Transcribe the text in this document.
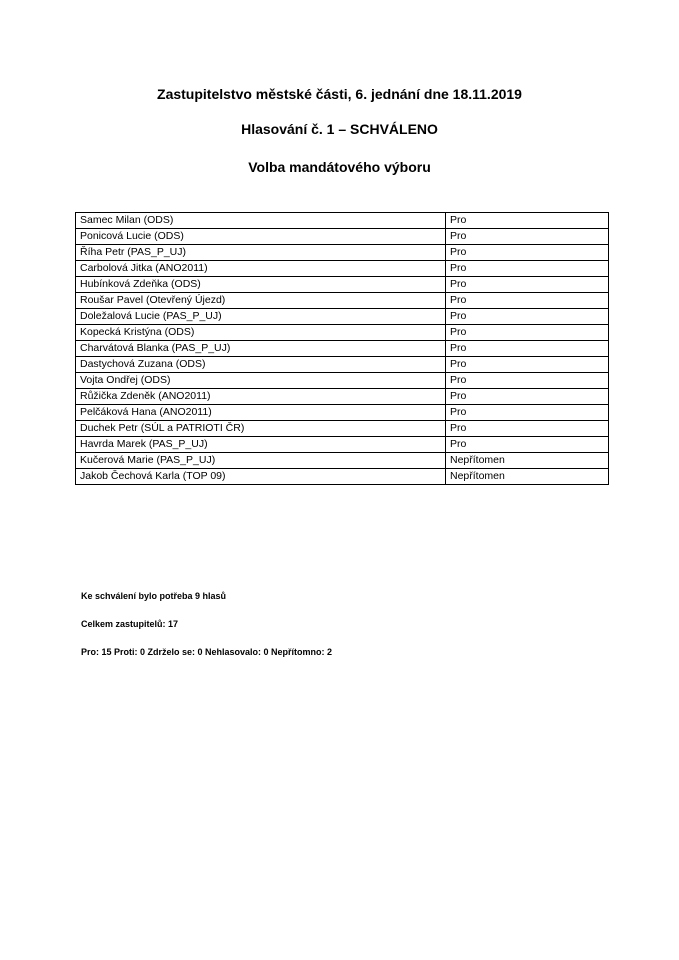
Zastupitelstvo městské části, 6. jednání dne 18.11.2019
Hlasování č. 1 – SCHVÁLENO
Volba mandátového výboru
Samec Milan (ODS)	Pro
Ponicová Lucie (ODS)	Pro
Říha Petr (PAS_P_UJ)	Pro
Carbolová Jitka (ANO2011)	Pro
Hubínková Zdeňka (ODS)	Pro
Roušar Pavel (Otevřený Újezd)	Pro
Doležalová Lucie (PAS_P_UJ)	Pro
Kopecká Kristýna (ODS)	Pro
Charvátová Blanka (PAS_P_UJ)	Pro
Dastychová Zuzana (ODS)	Pro
Vojta Ondřej (ODS)	Pro
Růžička Zdeněk (ANO2011)	Pro
Pelčáková Hana (ANO2011)	Pro
Duchek Petr (SÚL a PATRIOTI ČR)	Pro
Havrda Marek (PAS_P_UJ)	Pro
Kučerová Marie (PAS_P_UJ)	Nepřítomen
Jakob Čechová Karla (TOP 09)	Nepřítomen

Ke schválení bylo potřeba 9 hlasů

Celkem zastupitelů: 17

Pro: 15 Proti: 0 Zdrželo se: 0 Nehlasovalo: 0 Nepřítomno: 2
